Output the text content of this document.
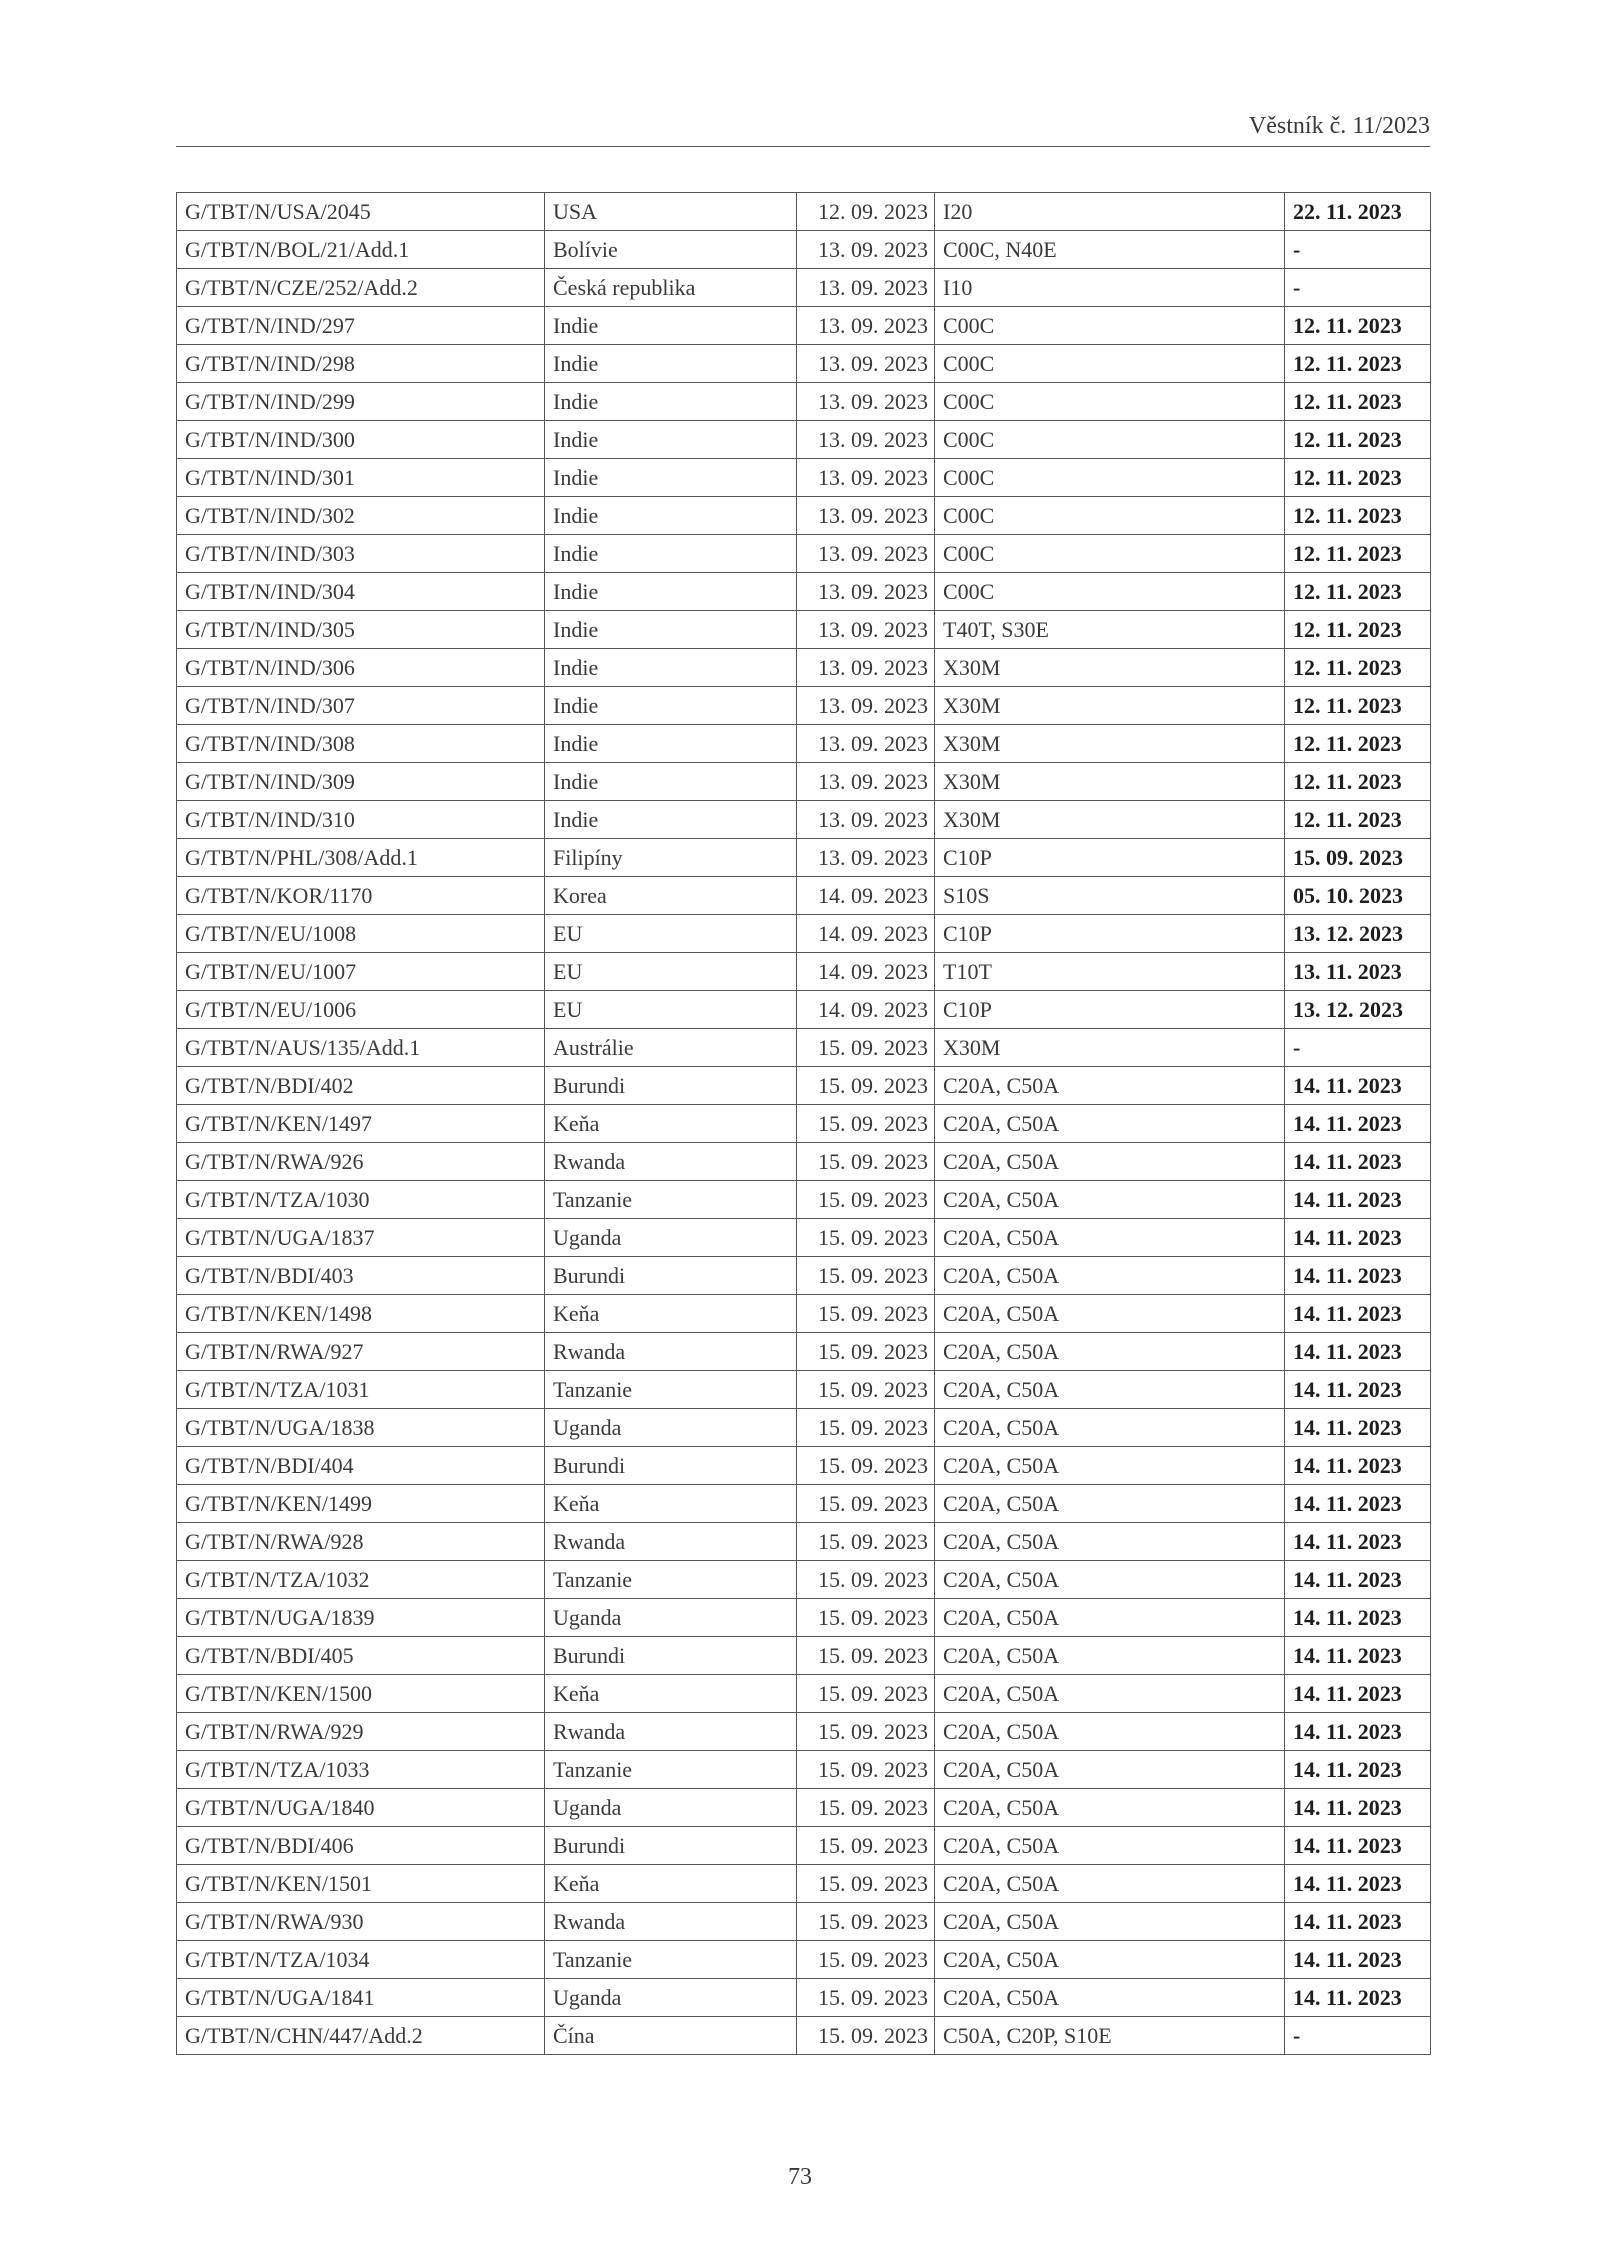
Věstník č. 11/2023
G/TBT/N/USA/2045	USA	12. 09. 2023	I20	22. 11. 2023
G/TBT/N/BOL/21/Add.1	Bolívie	13. 09. 2023	C00C, N40E	-
G/TBT/N/CZE/252/Add.2	Česká republika	13. 09. 2023	I10	-
G/TBT/N/IND/297	Indie	13. 09. 2023	C00C	12. 11. 2023
G/TBT/N/IND/298	Indie	13. 09. 2023	C00C	12. 11. 2023
G/TBT/N/IND/299	Indie	13. 09. 2023	C00C	12. 11. 2023
G/TBT/N/IND/300	Indie	13. 09. 2023	C00C	12. 11. 2023
G/TBT/N/IND/301	Indie	13. 09. 2023	C00C	12. 11. 2023
G/TBT/N/IND/302	Indie	13. 09. 2023	C00C	12. 11. 2023
G/TBT/N/IND/303	Indie	13. 09. 2023	C00C	12. 11. 2023
G/TBT/N/IND/304	Indie	13. 09. 2023	C00C	12. 11. 2023
G/TBT/N/IND/305	Indie	13. 09. 2023	T40T, S30E	12. 11. 2023
G/TBT/N/IND/306	Indie	13. 09. 2023	X30M	12. 11. 2023
G/TBT/N/IND/307	Indie	13. 09. 2023	X30M	12. 11. 2023
G/TBT/N/IND/308	Indie	13. 09. 2023	X30M	12. 11. 2023
G/TBT/N/IND/309	Indie	13. 09. 2023	X30M	12. 11. 2023
G/TBT/N/IND/310	Indie	13. 09. 2023	X30M	12. 11. 2023
G/TBT/N/PHL/308/Add.1	Filipíny	13. 09. 2023	C10P	15. 09. 2023
G/TBT/N/KOR/1170	Korea	14. 09. 2023	S10S	05. 10. 2023
G/TBT/N/EU/1008	EU	14. 09. 2023	C10P	13. 12. 2023
G/TBT/N/EU/1007	EU	14. 09. 2023	T10T	13. 11. 2023
G/TBT/N/EU/1006	EU	14. 09. 2023	C10P	13. 12. 2023
G/TBT/N/AUS/135/Add.1	Austrálie	15. 09. 2023	X30M	-
G/TBT/N/BDI/402	Burundi	15. 09. 2023	C20A, C50A	14. 11. 2023
G/TBT/N/KEN/1497	Keňa	15. 09. 2023	C20A, C50A	14. 11. 2023
G/TBT/N/RWA/926	Rwanda	15. 09. 2023	C20A, C50A	14. 11. 2023
G/TBT/N/TZA/1030	Tanzanie	15. 09. 2023	C20A, C50A	14. 11. 2023
G/TBT/N/UGA/1837	Uganda	15. 09. 2023	C20A, C50A	14. 11. 2023
G/TBT/N/BDI/403	Burundi	15. 09. 2023	C20A, C50A	14. 11. 2023
G/TBT/N/KEN/1498	Keňa	15. 09. 2023	C20A, C50A	14. 11. 2023
G/TBT/N/RWA/927	Rwanda	15. 09. 2023	C20A, C50A	14. 11. 2023
G/TBT/N/TZA/1031	Tanzanie	15. 09. 2023	C20A, C50A	14. 11. 2023
G/TBT/N/UGA/1838	Uganda	15. 09. 2023	C20A, C50A	14. 11. 2023
G/TBT/N/BDI/404	Burundi	15. 09. 2023	C20A, C50A	14. 11. 2023
G/TBT/N/KEN/1499	Keňa	15. 09. 2023	C20A, C50A	14. 11. 2023
G/TBT/N/RWA/928	Rwanda	15. 09. 2023	C20A, C50A	14. 11. 2023
G/TBT/N/TZA/1032	Tanzanie	15. 09. 2023	C20A, C50A	14. 11. 2023
G/TBT/N/UGA/1839	Uganda	15. 09. 2023	C20A, C50A	14. 11. 2023
G/TBT/N/BDI/405	Burundi	15. 09. 2023	C20A, C50A	14. 11. 2023
G/TBT/N/KEN/1500	Keňa	15. 09. 2023	C20A, C50A	14. 11. 2023
G/TBT/N/RWA/929	Rwanda	15. 09. 2023	C20A, C50A	14. 11. 2023
G/TBT/N/TZA/1033	Tanzanie	15. 09. 2023	C20A, C50A	14. 11. 2023
G/TBT/N/UGA/1840	Uganda	15. 09. 2023	C20A, C50A	14. 11. 2023
G/TBT/N/BDI/406	Burundi	15. 09. 2023	C20A, C50A	14. 11. 2023
G/TBT/N/KEN/1501	Keňa	15. 09. 2023	C20A, C50A	14. 11. 2023
G/TBT/N/RWA/930	Rwanda	15. 09. 2023	C20A, C50A	14. 11. 2023
G/TBT/N/TZA/1034	Tanzanie	15. 09. 2023	C20A, C50A	14. 11. 2023
G/TBT/N/UGA/1841	Uganda	15. 09. 2023	C20A, C50A	14. 11. 2023
G/TBT/N/CHN/447/Add.2	Čína	15. 09. 2023	C50A, C20P, S10E	-
73
